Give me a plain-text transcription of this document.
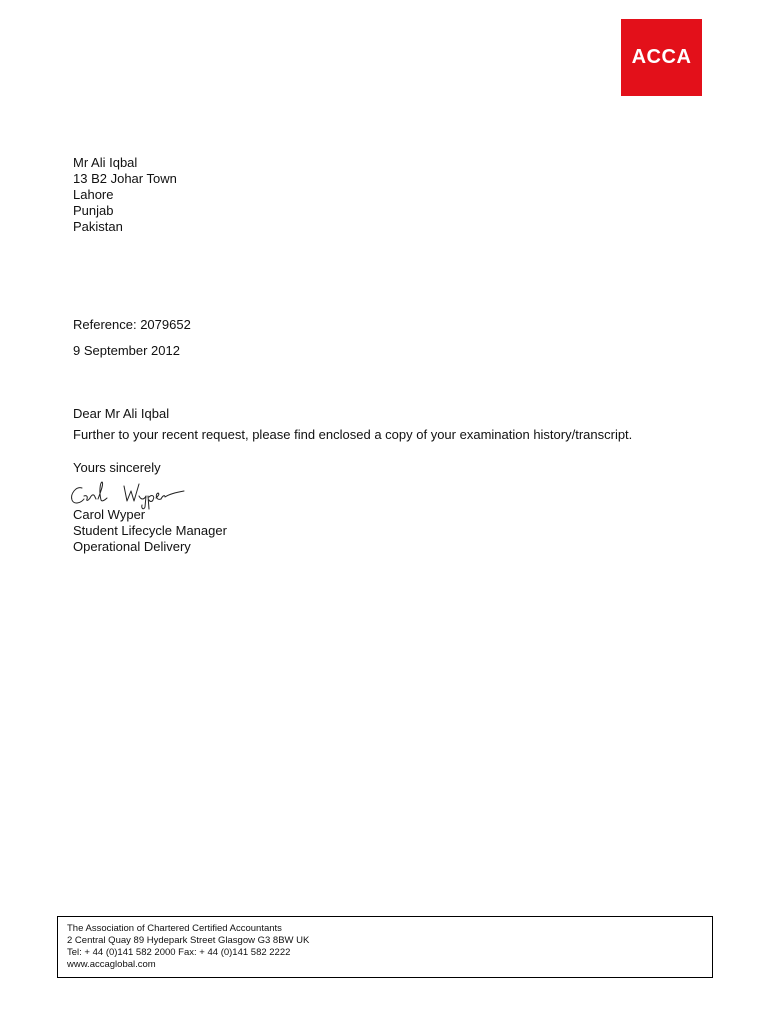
ACCA
Mr Ali Iqbal
13 B2 Johar Town
Lahore
Punjab
Pakistan
Reference: 2079652
9 September 2012
Dear Mr Ali Iqbal
Further to your recent request, please find enclosed a copy of your examination history/transcript.
Yours sincerely
Carol Wyper
Student Lifecycle Manager
Operational Delivery
The Association of Chartered Certified Accountants
2 Central Quay 89 Hydepark Street Glasgow G3 8BW UK
Tel: + 44 (0)141 582 2000 Fax: + 44 (0)141 582 2222
www.accaglobal.com
